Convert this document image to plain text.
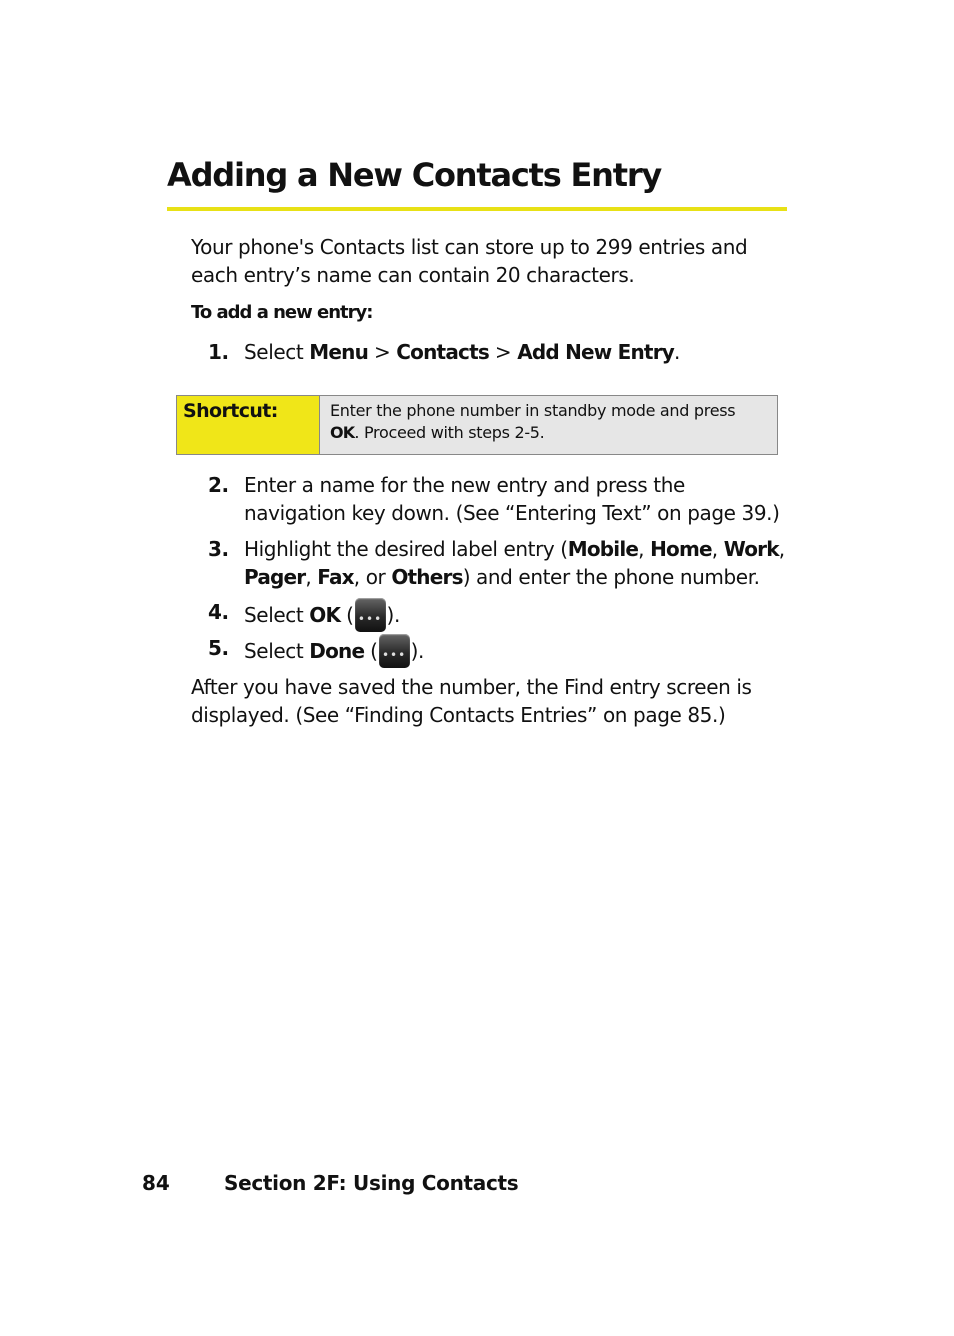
Adding a New Contacts Entry

Your phone's Contacts list can store up to 299 entries and each entry’s name can contain 20 characters.

To add a new entry:

1. Select Menu > Contacts > Add New Entry.
Shortcut:	Enter the phone number in standby mode and press OK. Proceed with steps 2-5.
2. Enter a name for the new entry and press the navigation key down. (See “Entering Text” on page 39.)
3. Highlight the desired label entry (Mobile, Home, Work, Pager, Fax, or Others) and enter the phone number.
4. Select OK ( ••• ).
5. Select Done ( ••• ).

After you have saved the number, the Find entry screen is displayed. (See “Finding Contacts Entries” on page 85.)

84	Section 2F: Using Contacts
